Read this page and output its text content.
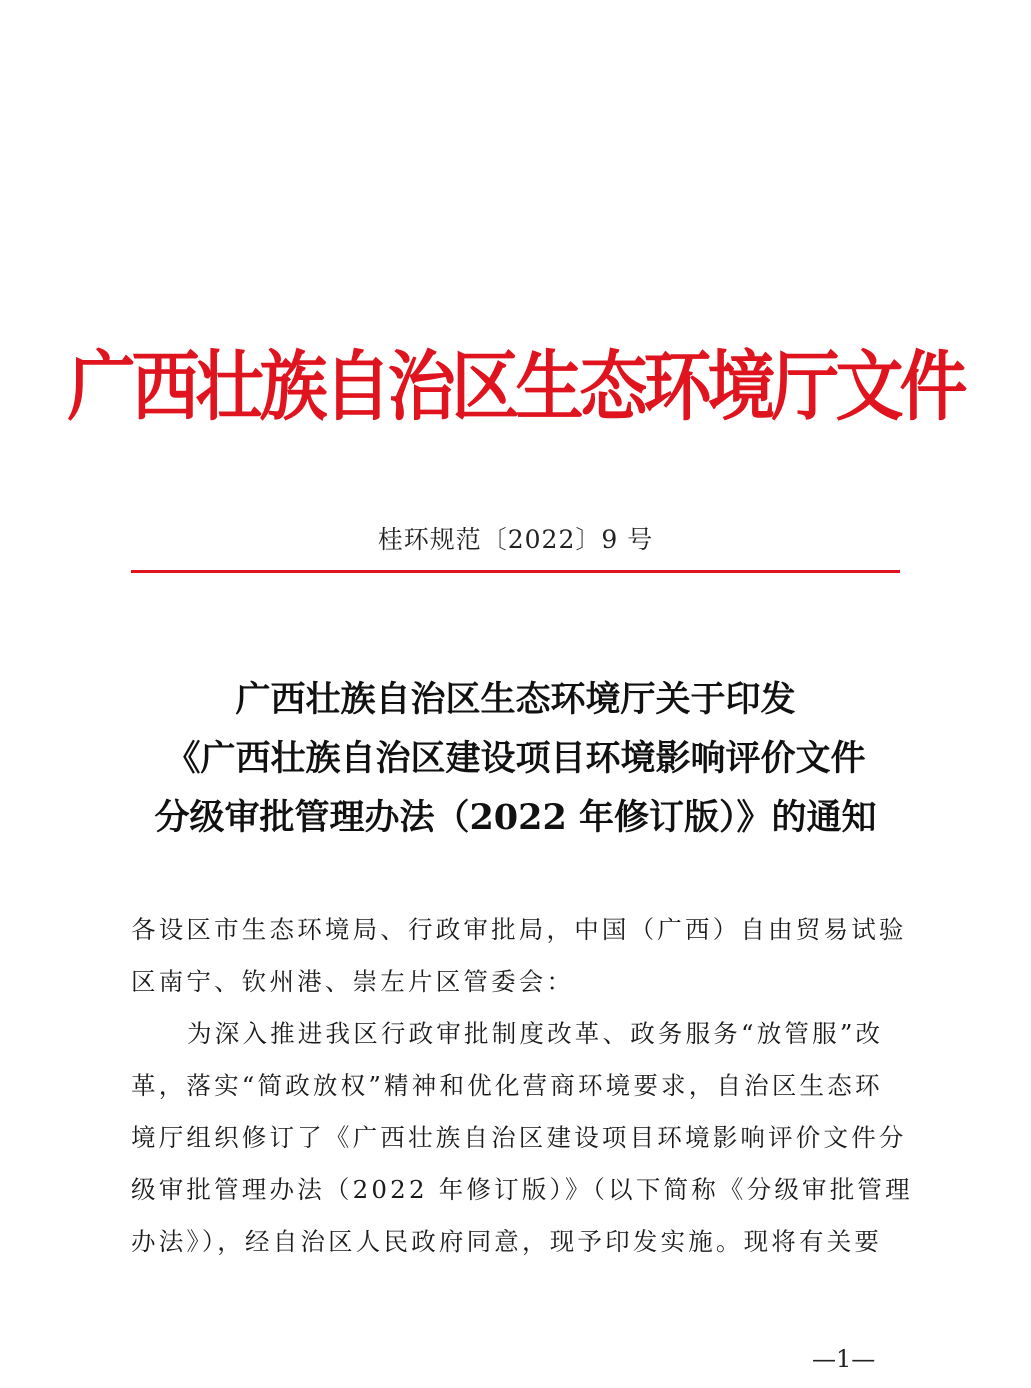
广西壮族自治区生态环境厅文件
桂环规范〔2022〕9 号
广西壮族自治区生态环境厅关于印发
《广西壮族自治区建设项目环境影响评价文件
分级审批管理办法（2022 年修订版）》的通知
各设区市生态环境局、行政审批局，中国（广西）自由贸易试验
区南宁、钦州港、崇左片区管委会：
为深入推进我区行政审批制度改革、政务服务“放管服”改
革，落实“简政放权”精神和优化营商环境要求，自治区生态环
境厅组织修订了《广西壮族自治区建设项目环境影响评价文件分
级审批管理办法（2022 年修订版）》（以下简称《分级审批管理
办法》），经自治区人民政府同意，现予印发实施。现将有关要
—1—
